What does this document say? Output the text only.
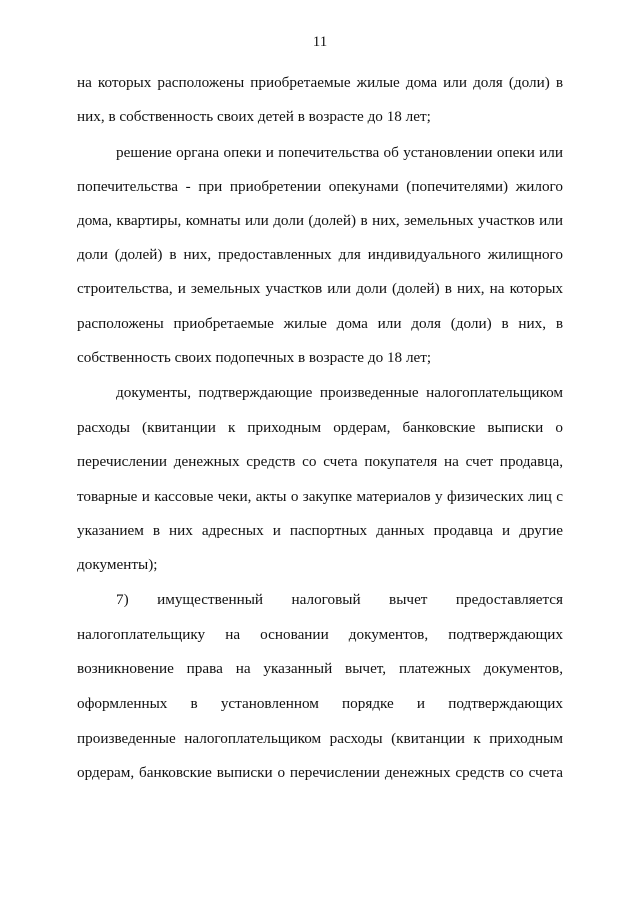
11
на которых расположены приобретаемые жилые дома или доля (доли) в
них, в собственность своих детей в возрасте до 18 лет;
решение органа опеки и попечительства об установлении опеки или
попечительства - при приобретении опекунами (попечителями) жилого
дома, квартиры, комнаты или доли (долей) в них, земельных участков или
доли (долей) в них, предоставленных для индивидуального жилищного
строительства, и земельных участков или доли (долей) в них, на которых
расположены приобретаемые жилые дома или доля (доли) в них, в
собственность своих подопечных в возрасте до 18 лет;
документы, подтверждающие произведенные налогоплательщиком
расходы (квитанции к приходным ордерам, банковские выписки о
перечислении денежных средств со счета покупателя на счет продавца,
товарные и кассовые чеки, акты о закупке материалов у физических лиц с
указанием в них адресных и паспортных данных продавца и другие
документы);
7) имущественный налоговый вычет предоставляется
налогоплательщику на основании документов, подтверждающих
возникновение права на указанный вычет, платежных документов,
оформленных в установленном порядке и подтверждающих
произведенные налогоплательщиком расходы (квитанции к приходным
ордерам, банковские выписки о перечислении денежных средств со счета
